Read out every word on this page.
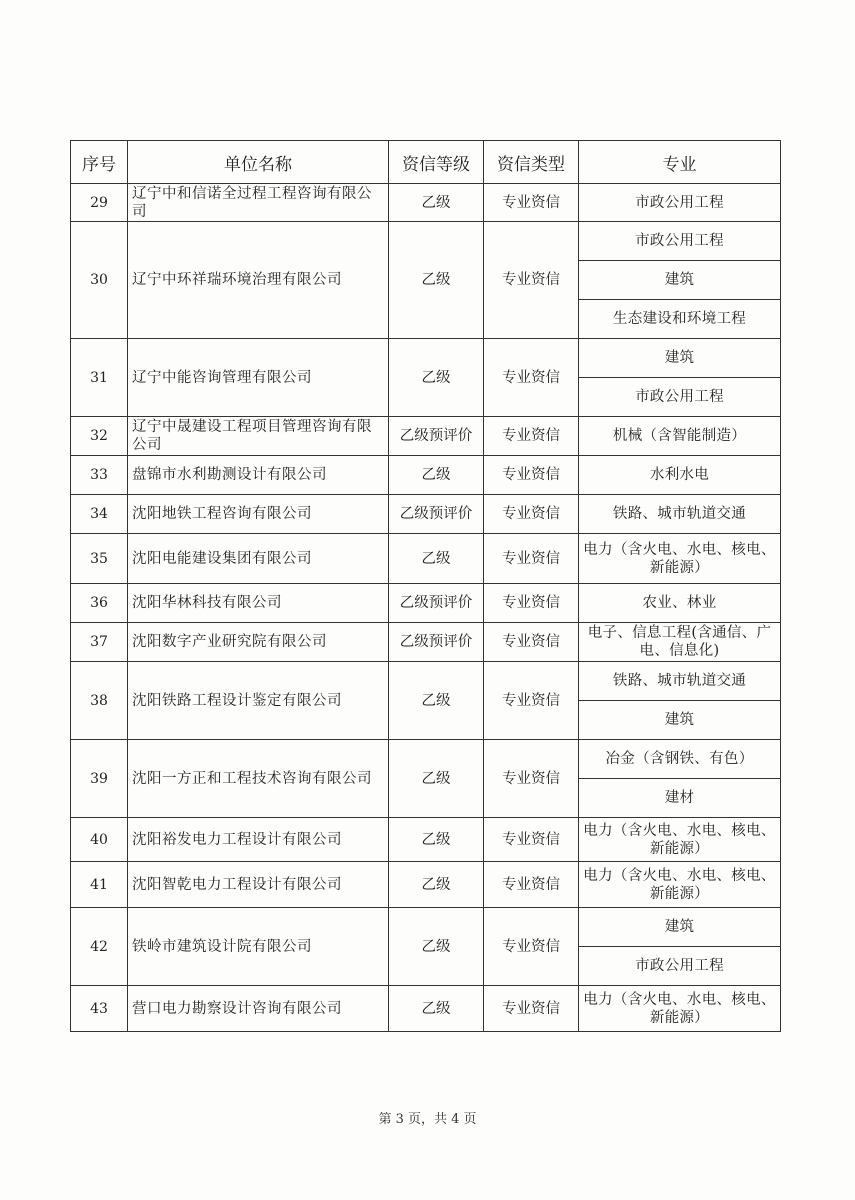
序号	单位名称	资信等级	资信类型	专业
29	辽宁中和信诺全过程工程咨询有限公司	乙级	专业资信	市政公用工程
30	辽宁中环祥瑞环境治理有限公司	乙级	专业资信	市政公用工程
				建筑
				生态建设和环境工程
31	辽宁中能咨询管理有限公司	乙级	专业资信	建筑
				市政公用工程
32	辽宁中晟建设工程项目管理咨询有限公司	乙级预评价	专业资信	机械（含智能制造）
33	盘锦市水利勘测设计有限公司	乙级	专业资信	水利水电
34	沈阳地铁工程咨询有限公司	乙级预评价	专业资信	铁路、城市轨道交通
35	沈阳电能建设集团有限公司	乙级	专业资信	电力（含火电、水电、核电、新能源）
36	沈阳华林科技有限公司	乙级预评价	专业资信	农业、林业
37	沈阳数字产业研究院有限公司	乙级预评价	专业资信	电子、信息工程(含通信、广电、信息化)
38	沈阳铁路工程设计鉴定有限公司	乙级	专业资信	铁路、城市轨道交通
				建筑
39	沈阳一方正和工程技术咨询有限公司	乙级	专业资信	冶金（含钢铁、有色）
				建材
40	沈阳裕发电力工程设计有限公司	乙级	专业资信	电力（含火电、水电、核电、新能源）
41	沈阳智乾电力工程设计有限公司	乙级	专业资信	电力（含火电、水电、核电、新能源）
42	铁岭市建筑设计院有限公司	乙级	专业资信	建筑
				市政公用工程
43	营口电力勘察设计咨询有限公司	乙级	专业资信	电力（含火电、水电、核电、新能源）
第 3 页，共 4 页
